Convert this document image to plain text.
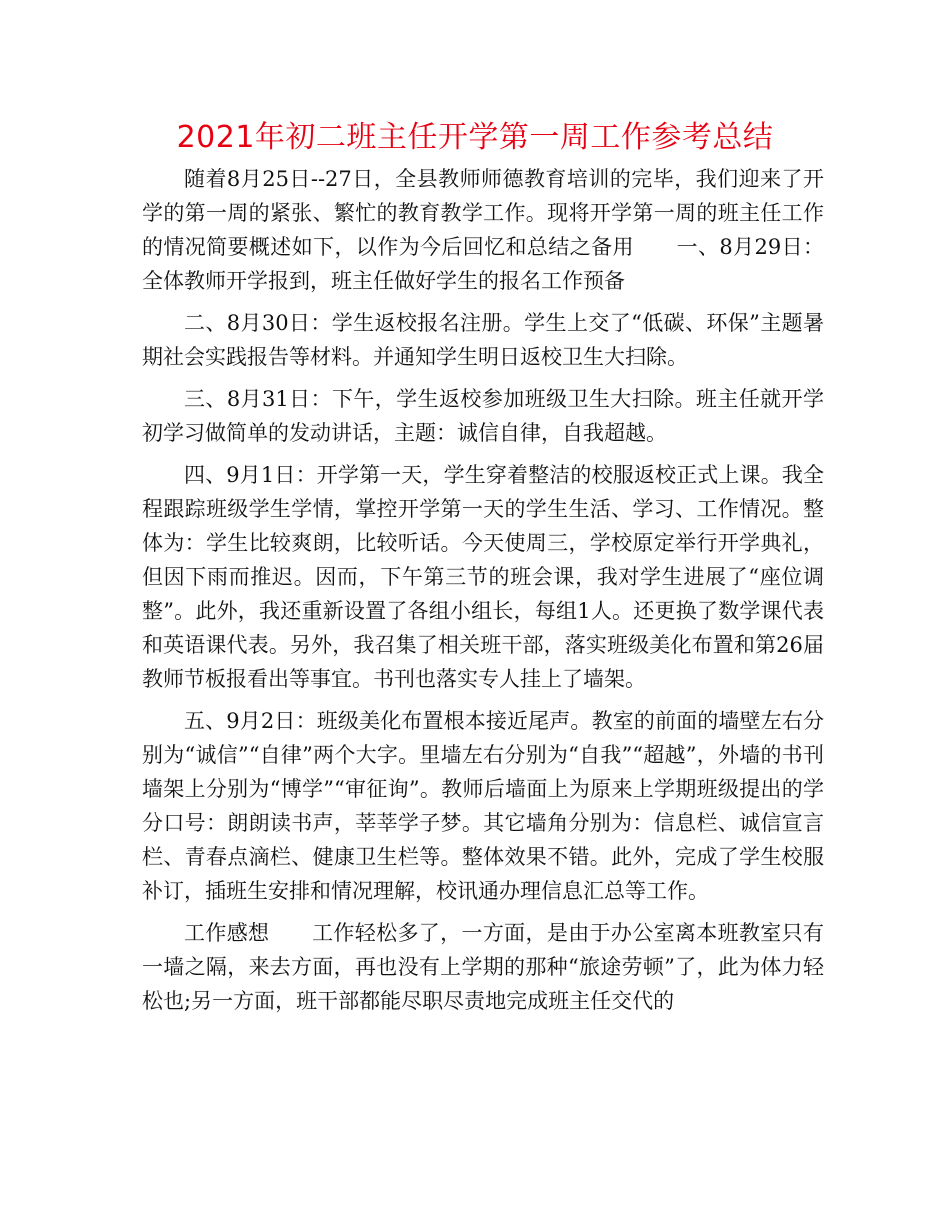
2021年初二班主任开学第一周工作参考总结

随着8月25日--27日，全县教师师德教育培训的完毕，我们迎来了开学的第一周的紧张、繁忙的教育教学工作。现将开学第一周的班主任工作的情况简要概述如下，以作为今后回忆和总结之备用　　一、8月29日：全体教师开学报到，班主任做好学生的报名工作预备

二、8月30日：学生返校报名注册。学生上交了“低碳、环保”主题暑期社会实践报告等材料。并通知学生明日返校卫生大扫除。

三、8月31日：下午，学生返校参加班级卫生大扫除。班主任就开学初学习做简单的发动讲话，主题：诚信自律，自我超越。

四、9月1日：开学第一天，学生穿着整洁的校服返校正式上课。我全程跟踪班级学生学情，掌控开学第一天的学生生活、学习、工作情况。整体为：学生比较爽朗，比较听话。今天使周三，学校原定举行开学典礼，但因下雨而推迟。因而，下午第三节的班会课，我对学生进展了“座位调整”。此外，我还重新设置了各组小组长，每组1人。还更换了数学课代表和英语课代表。另外，我召集了相关班干部，落实班级美化布置和第26届教师节板报看出等事宜。书刊也落实专人挂上了墙架。

五、9月2日：班级美化布置根本接近尾声。教室的前面的墙壁左右分别为“诚信”“自律”两个大字。里墙左右分别为“自我”“超越”，外墙的书刊墙架上分别为“博学”“审征询”。教师后墙面上为原来上学期班级提出的学分口号：朗朗读书声，莘莘学子梦。其它墙角分别为：信息栏、诚信宣言栏、青春点滴栏、健康卫生栏等。整体效果不错。此外，完成了学生校服补订，插班生安排和情况理解，校讯通办理信息汇总等工作。

工作感想　　工作轻松多了，一方面，是由于办公室离本班教室只有一墙之隔，来去方面，再也没有上学期的那种“旅途劳顿”了，此为体力轻松也;另一方面，班干部都能尽职尽责地完成班主任交代的
